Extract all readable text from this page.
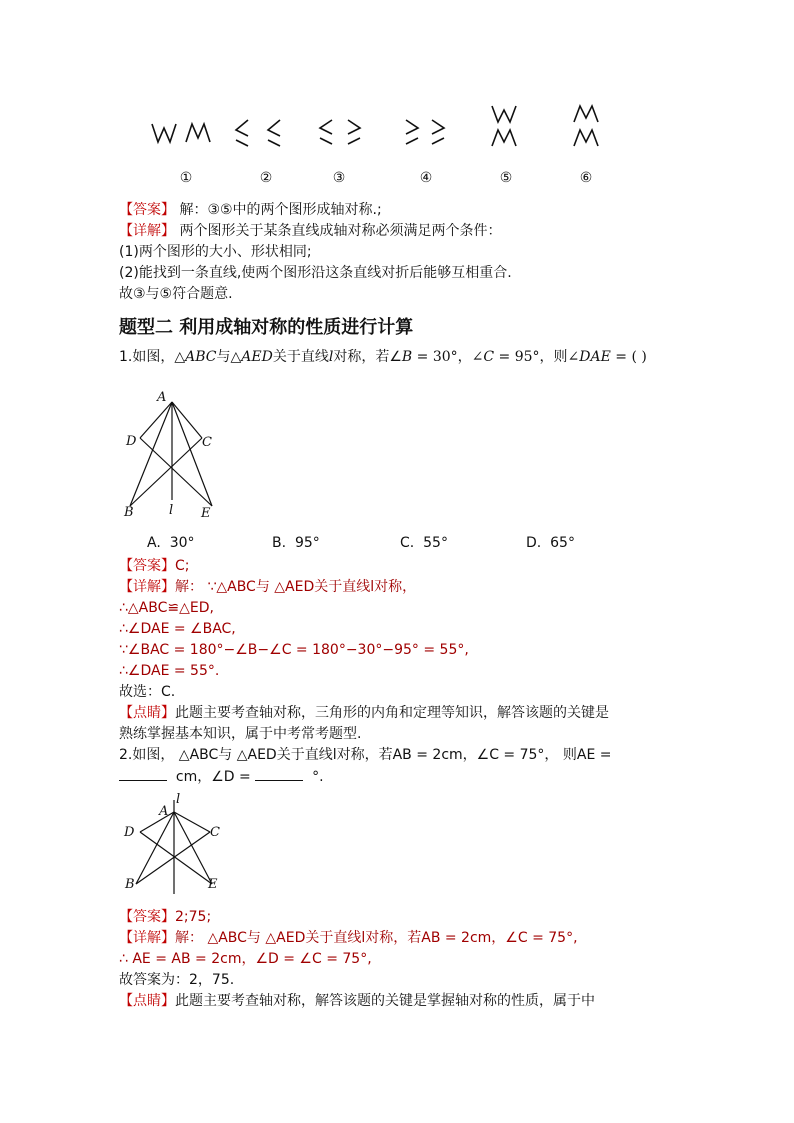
①	②	③	④	⑤	⑥
【答案】 解：③⑤中的两个图形成轴对称.;
【详解】 两个图形关于某条直线成轴对称必须满足两个条件：
(1)两个图形的大小、形状相同;
(2)能找到一条直线,使两个图形沿这条直线对折后能够互相重合.
故③与⑤符合题意.
题型二 利用成轴对称的性质进行计算
1.如图，△ABC与△AED关于直线l对称，若∠B = 30°，∠C = 95°，则∠DAE = ( )
A
D	C
B	l E
A. 30°	B. 95°	C. 55°	D. 65°
【答案】C;
【详解】解： ∵△ABC与 △AED关于直线l对称，
∴△ABC≌△ED,
∴∠DAE = ∠BAC,
∵∠BAC = 180°−∠B−∠C = 180°−30°−95° = 55°,
∴∠DAE = 55°.
故选：C.
【点睛】此题主要考查轴对称，三角形的内角和定理等知识，解答该题的关键是
熟练掌握基本知识，属于中考常考题型.
2.如图， △ABC与 △AED关于直线l对称，若AB = 2cm，∠C = 75°， 则AE =
cm，∠D =	°.
A
l
D	C
B	E
【答案】2;75;
【详解】解： △ABC与 △AED关于直线l对称，若AB = 2cm，∠C = 75°,
∴ AE = AB = 2cm，∠D = ∠C = 75°,
故答案为：2，75.
【点睛】此题主要考查轴对称，解答该题的关键是掌握轴对称的性质，属于中
